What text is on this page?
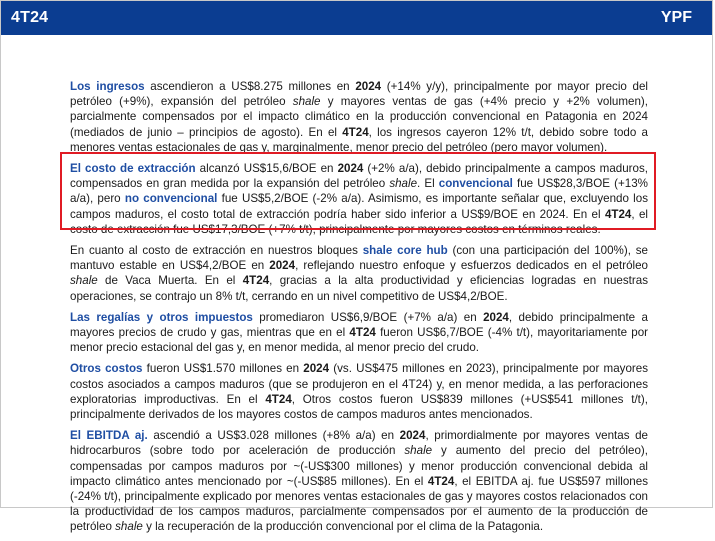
4T24	YPF

Los ingresos ascendieron a US$8.275 millones en 2024 (+14% y/y), principalmente por mayor precio del petróleo (+9%), expansión del petróleo shale y mayores ventas de gas (+4% precio y +2% volumen), parcialmente compensados por el impacto climático en la producción convencional en Patagonia en 2024 (mediados de junio – principios de agosto). En el 4T24, los ingresos cayeron 12% t/t, debido sobre todo a menores ventas estacionales de gas y, marginalmente, menor precio del petróleo (pero mayor volumen).

El costo de extracción alcanzó US$15,6/BOE en 2024 (+2% a/a), debido principalmente a campos maduros, compensados en gran medida por la expansión del petróleo shale. El convencional fue US$28,3/BOE (+13% a/a), pero no convencional fue US$5,2/BOE (-2% a/a). Asimismo, es importante señalar que, excluyendo los campos maduros, el costo total de extracción podría haber sido inferior a US$9/BOE en 2024. En el 4T24, el costo de extracción fue US$17,3/BOE (+7% t/t), principalmente por mayores costos en términos reales.

En cuanto al costo de extracción en nuestros bloques shale core hub (con una participación del 100%), se mantuvo estable en US$4,2/BOE en 2024, reflejando nuestro enfoque y esfuerzos dedicados en el petróleo shale de Vaca Muerta. En el 4T24, gracias a la alta productividad y eficiencias logradas en nuestras operaciones, se contrajo un 8% t/t, cerrando en un nivel competitivo de US$4,2/BOE.

Las regalías y otros impuestos promediaron US$6,9/BOE (+7% a/a) en 2024, debido principalmente a mayores precios de crudo y gas, mientras que en el 4T24 fueron US$6,7/BOE (-4% t/t), mayoritariamente por menor precio estacional del gas y, en menor medida, al menor precio del crudo.

Otros costos fueron US$1.570 millones en 2024 (vs. US$475 millones en 2023), principalmente por mayores costos asociados a campos maduros (que se produjeron en el 4T24) y, en menor medida, a las perforaciones exploratorias improductivas. En el 4T24, Otros costos fueron US$839 millones (+US$541 millones t/t), principalmente derivados de los mayores costos de campos maduros antes mencionados.

El EBITDA aj. ascendió a US$3.028 millones (+8% a/a) en 2024, primordialmente por mayores ventas de hidrocarburos (sobre todo por aceleración de producción shale y aumento del precio del petróleo), compensadas por campos maduros por ~(-US$300 millones) y menor producción convencional debida al impacto climático antes mencionado por ~(-US$85 millones). En el 4T24, el EBITDA aj. fue US$597 millones (-24% t/t), principalmente explicado por menores ventas estacionales de gas y mayores costos relacionados con la productividad de los campos maduros, parcialmente compensados por el aumento de la producción de petróleo shale y la recuperación de la producción convencional por el clima de la Patagonia.
